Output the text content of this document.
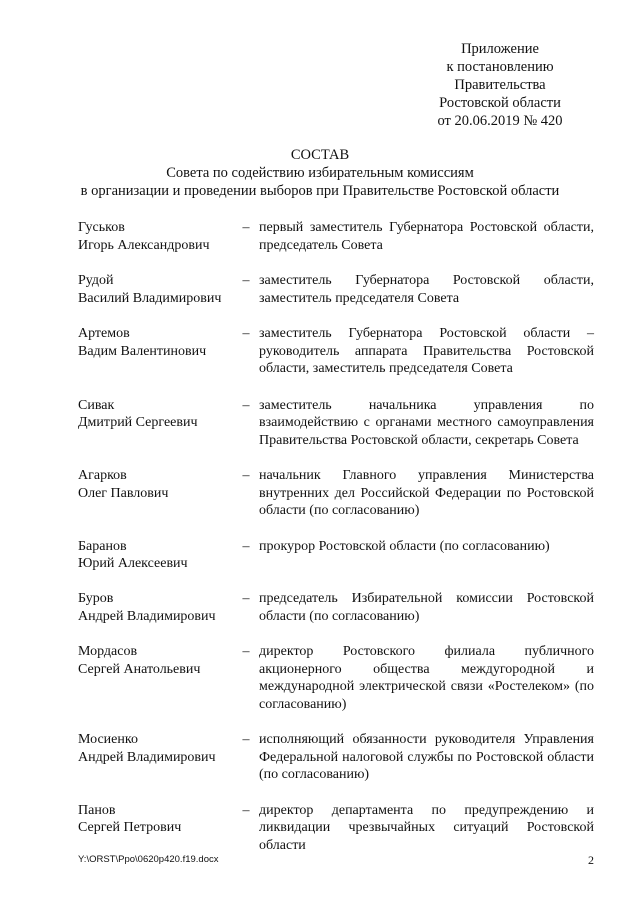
Приложение
к постановлению
Правительства
Ростовской области
от 20.06.2019 № 420
СОСТАВ
Совета по содействию избирательным комиссиям
в организации и проведении выборов при Правительстве Ростовской области
Гуськов
Игорь Александрович
– первый заместитель Губернатора Ростовской области, председатель Совета
Рудой
Василий Владимирович
– заместитель Губернатора Ростовской области, заместитель председателя Совета
Артемов
Вадим Валентинович
– заместитель Губернатора Ростовской области – руководитель аппарата Правительства Ростовской области, заместитель председателя Совета
Сивак
Дмитрий Сергеевич
– заместитель начальника управления по взаимодействию с органами местного самоуправления Правительства Ростовской области, секретарь Совета
Агарков
Олег Павлович
– начальник Главного управления Министерства внутренних дел Российской Федерации по Ростовской области (по согласованию)
Баранов
Юрий Алексеевич
– прокурор Ростовской области (по согласованию)
Буров
Андрей Владимирович
– председатель Избирательной комиссии Ростовской области (по согласованию)
Мордасов
Сергей Анатольевич
– директор Ростовского филиала публичного акционерного общества междугородной и международной электрической связи «Ростелеком» (по согласованию)
Мосиенко
Андрей Владимирович
– исполняющий обязанности руководителя Управления Федеральной налоговой службы по Ростовской области (по согласованию)
Панов
Сергей Петрович
– директор департамента по предупреждению и ликвидации чрезвычайных ситуаций Ростовской области
Y:\ORST\Ppo\0620p420.f19.docx	2
